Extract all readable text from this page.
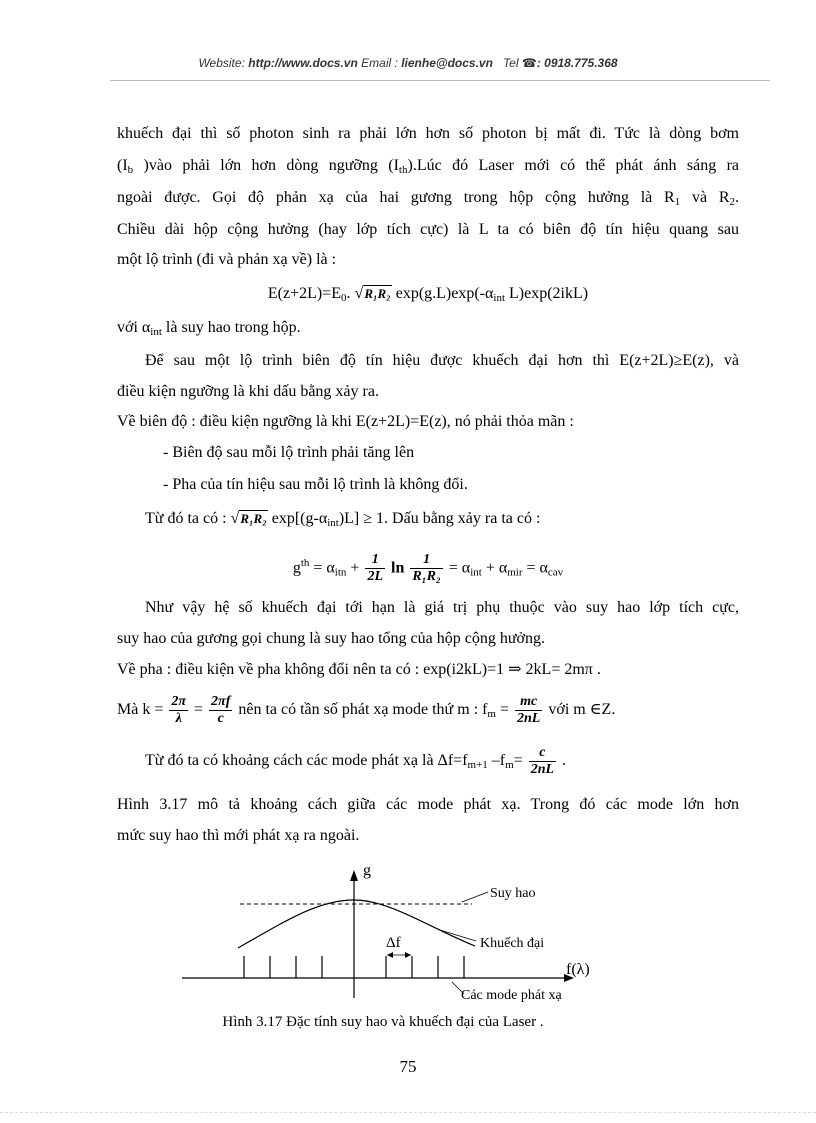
Website: http://www.docs.vn Email : lienhe@docs.vn Tel ☎: 0918.775.368
khuếch đại thì số photon sinh ra phải lớn hơn số photon bị mất đi. Tức là dòng bơm
($I_b$ )vào phải lớn hơn dòng ngưỡng $(I_{th}).Lúc$ đó Laser mới có thể phát ánh sáng ra
ngoài được. Gọi độ phản xạ của hai gương trong hộp cộng hưởng là $R_1$ và $R_2$.
Chiều dài hộp cộng hưởng (hay lớp tích cực) là L ta có biên độ tín hiệu quang sau
một lộ trình (đi và phản xạ về) là :
$E(z+2L)=E_0$. √R₁R₂ $\exp(g.L)\exp(-\alpha_{int}$ L)exp(2ikL)
với $\alpha_{int}$ là suy hao trong hộp.
Để sau một lộ trình biên độ tín hiệu được khuếch đại hơn thì E(z+2L)≥E(z), và
điều kiện ngưỡng là khi dấu bằng xảy ra.
Về biên độ : điều kiện ngưỡng là khi E(z+2L)=E(z), nó phải thỏa mãn :
- Biên độ sau mỗi lộ trình phải tăng lên
- Pha của tín hiệu sau mỗi lộ trình là không đổi.
Từ đó ta có : √R₁R₂ $\exp[(g-\alpha_{int})L] \ge 1$. Dấu bằng xảy ra ta có :
$g^{th} = \alpha_{itn} + \frac{1}{2L}$ $\ln \frac{1}{\text{R₁R₂}} = \alpha_{int} + \alpha_{mir} = \alpha_{cav}$
Như vậy hệ số khuếch đại tới hạn là giá trị phụ thuộc vào suy hao lớp tích cực,
suy hao của gương gọi chung là suy hao tổng của hộp cộng hưởng.
Về pha : điều kiện về pha không đổi nên ta có : exp(i2kL)=1 ⇒ 2kL= 2mπ .
Mà $k = \frac{2\pi}{\lambda} = \frac{2\pi f}{c}$ nên ta có tần số phát xạ mode thứ m : $f_m = \frac{mc}{2nL}$ với m ∈Z.
Từ đó ta có khoảng cách các mode phát xạ là $\Delta f=f_{m+1}$ $-f_m= \frac{c}{2nL}$ .
Hình 3.17 mô tả khoảng cách giữa các mode phát xạ. Trong đó các mode lớn hơn
mức suy hao thì mới phát xạ ra ngoài.
g
f(λ)
Suy hao
Khuếch đại
Δf
Các mode phát xạ
Hình 3.17 Đặc tính suy hao và khuếch đại của Laser .
75
